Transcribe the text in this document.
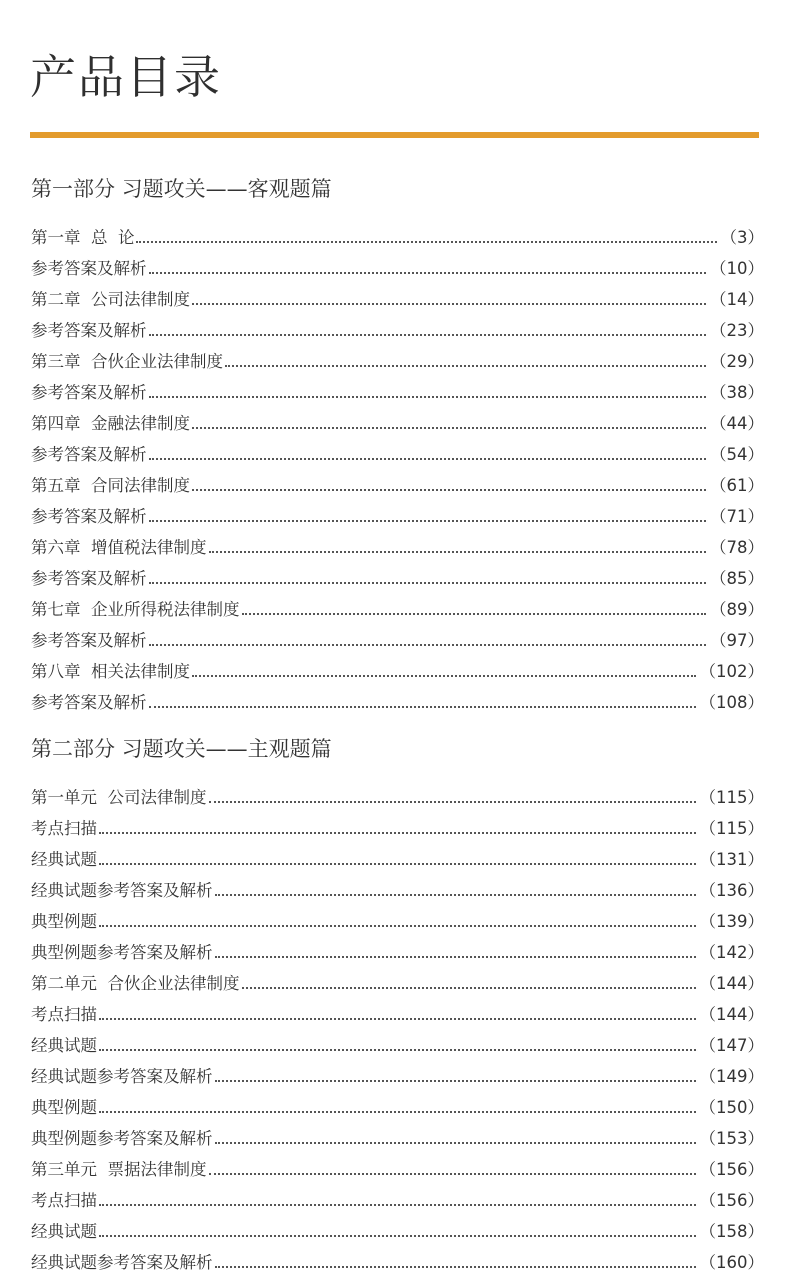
产品目录
第一部分 习题攻关——客观题篇
第一章  总  论	（3）
参考答案及解析	（10）
第二章  公司法律制度	（14）
参考答案及解析	（23）
第三章  合伙企业法律制度	（29）
参考答案及解析	（38）
第四章  金融法律制度	（44）
参考答案及解析	（54）
第五章  合同法律制度	（61）
参考答案及解析	（71）
第六章  增值税法律制度	（78）
参考答案及解析	（85）
第七章  企业所得税法律制度	（89）
参考答案及解析	（97）
第八章  相关法律制度	（102）
参考答案及解析	（108）
第二部分 习题攻关——主观题篇
第一单元  公司法律制度	（115）
考点扫描	（115）
经典试题	（131）
经典试题参考答案及解析	（136）
典型例题	（139）
典型例题参考答案及解析	（142）
第二单元  合伙企业法律制度	（144）
考点扫描	（144）
经典试题	（147）
经典试题参考答案及解析	（149）
典型例题	（150）
典型例题参考答案及解析	（153）
第三单元  票据法律制度	（156）
考点扫描	（156）
经典试题	（158）
经典试题参考答案及解析	（160）
